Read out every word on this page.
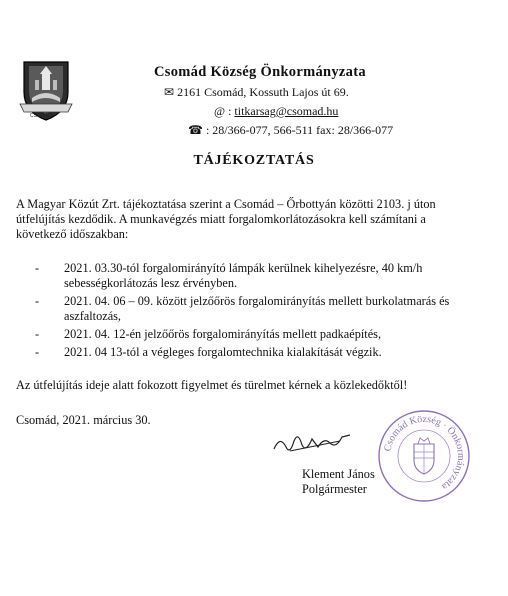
CSOMÁD

Csomád Község Önkormányzata

✉ 2161 Csomád, Kossuth Lajos út 69.

@ : titkarsag@csomad.hu

☎ : 28/366-077, 566-511 fax: 28/366-077

TÁJÉKOZTATÁS

A Magyar Közút Zrt. tájékoztatása szerint a Csomád – Őrbottyán közötti 2103. j úton útfelújítás kezdődik. A munkavégzés miatt forgalomkorlátozásokra kell számítani a következő időszakban:

- 2021. 03.30-tól forgalomirányító lámpák kerülnek kihelyezésre, 40 km/h sebességkorlátozás lesz érvényben.
- 2021. 04. 06 – 09. között jelzőőrös forgalomirányítás mellett burkolatmarás és aszfaltozás,
- 2021. 04. 12-én jelzőőrös forgalomirányítás mellett padkaépítés,
- 2021. 04 13-tól a végleges forgalomtechnika kialakítását végzik.

Az útfelújítás ideje alatt fokozott figyelmet és türelmet kérnek a közlekedőktől!

Csomád, 2021. március 30.

Klement János
Polgármester
Csomád Község · Önkormányzata
